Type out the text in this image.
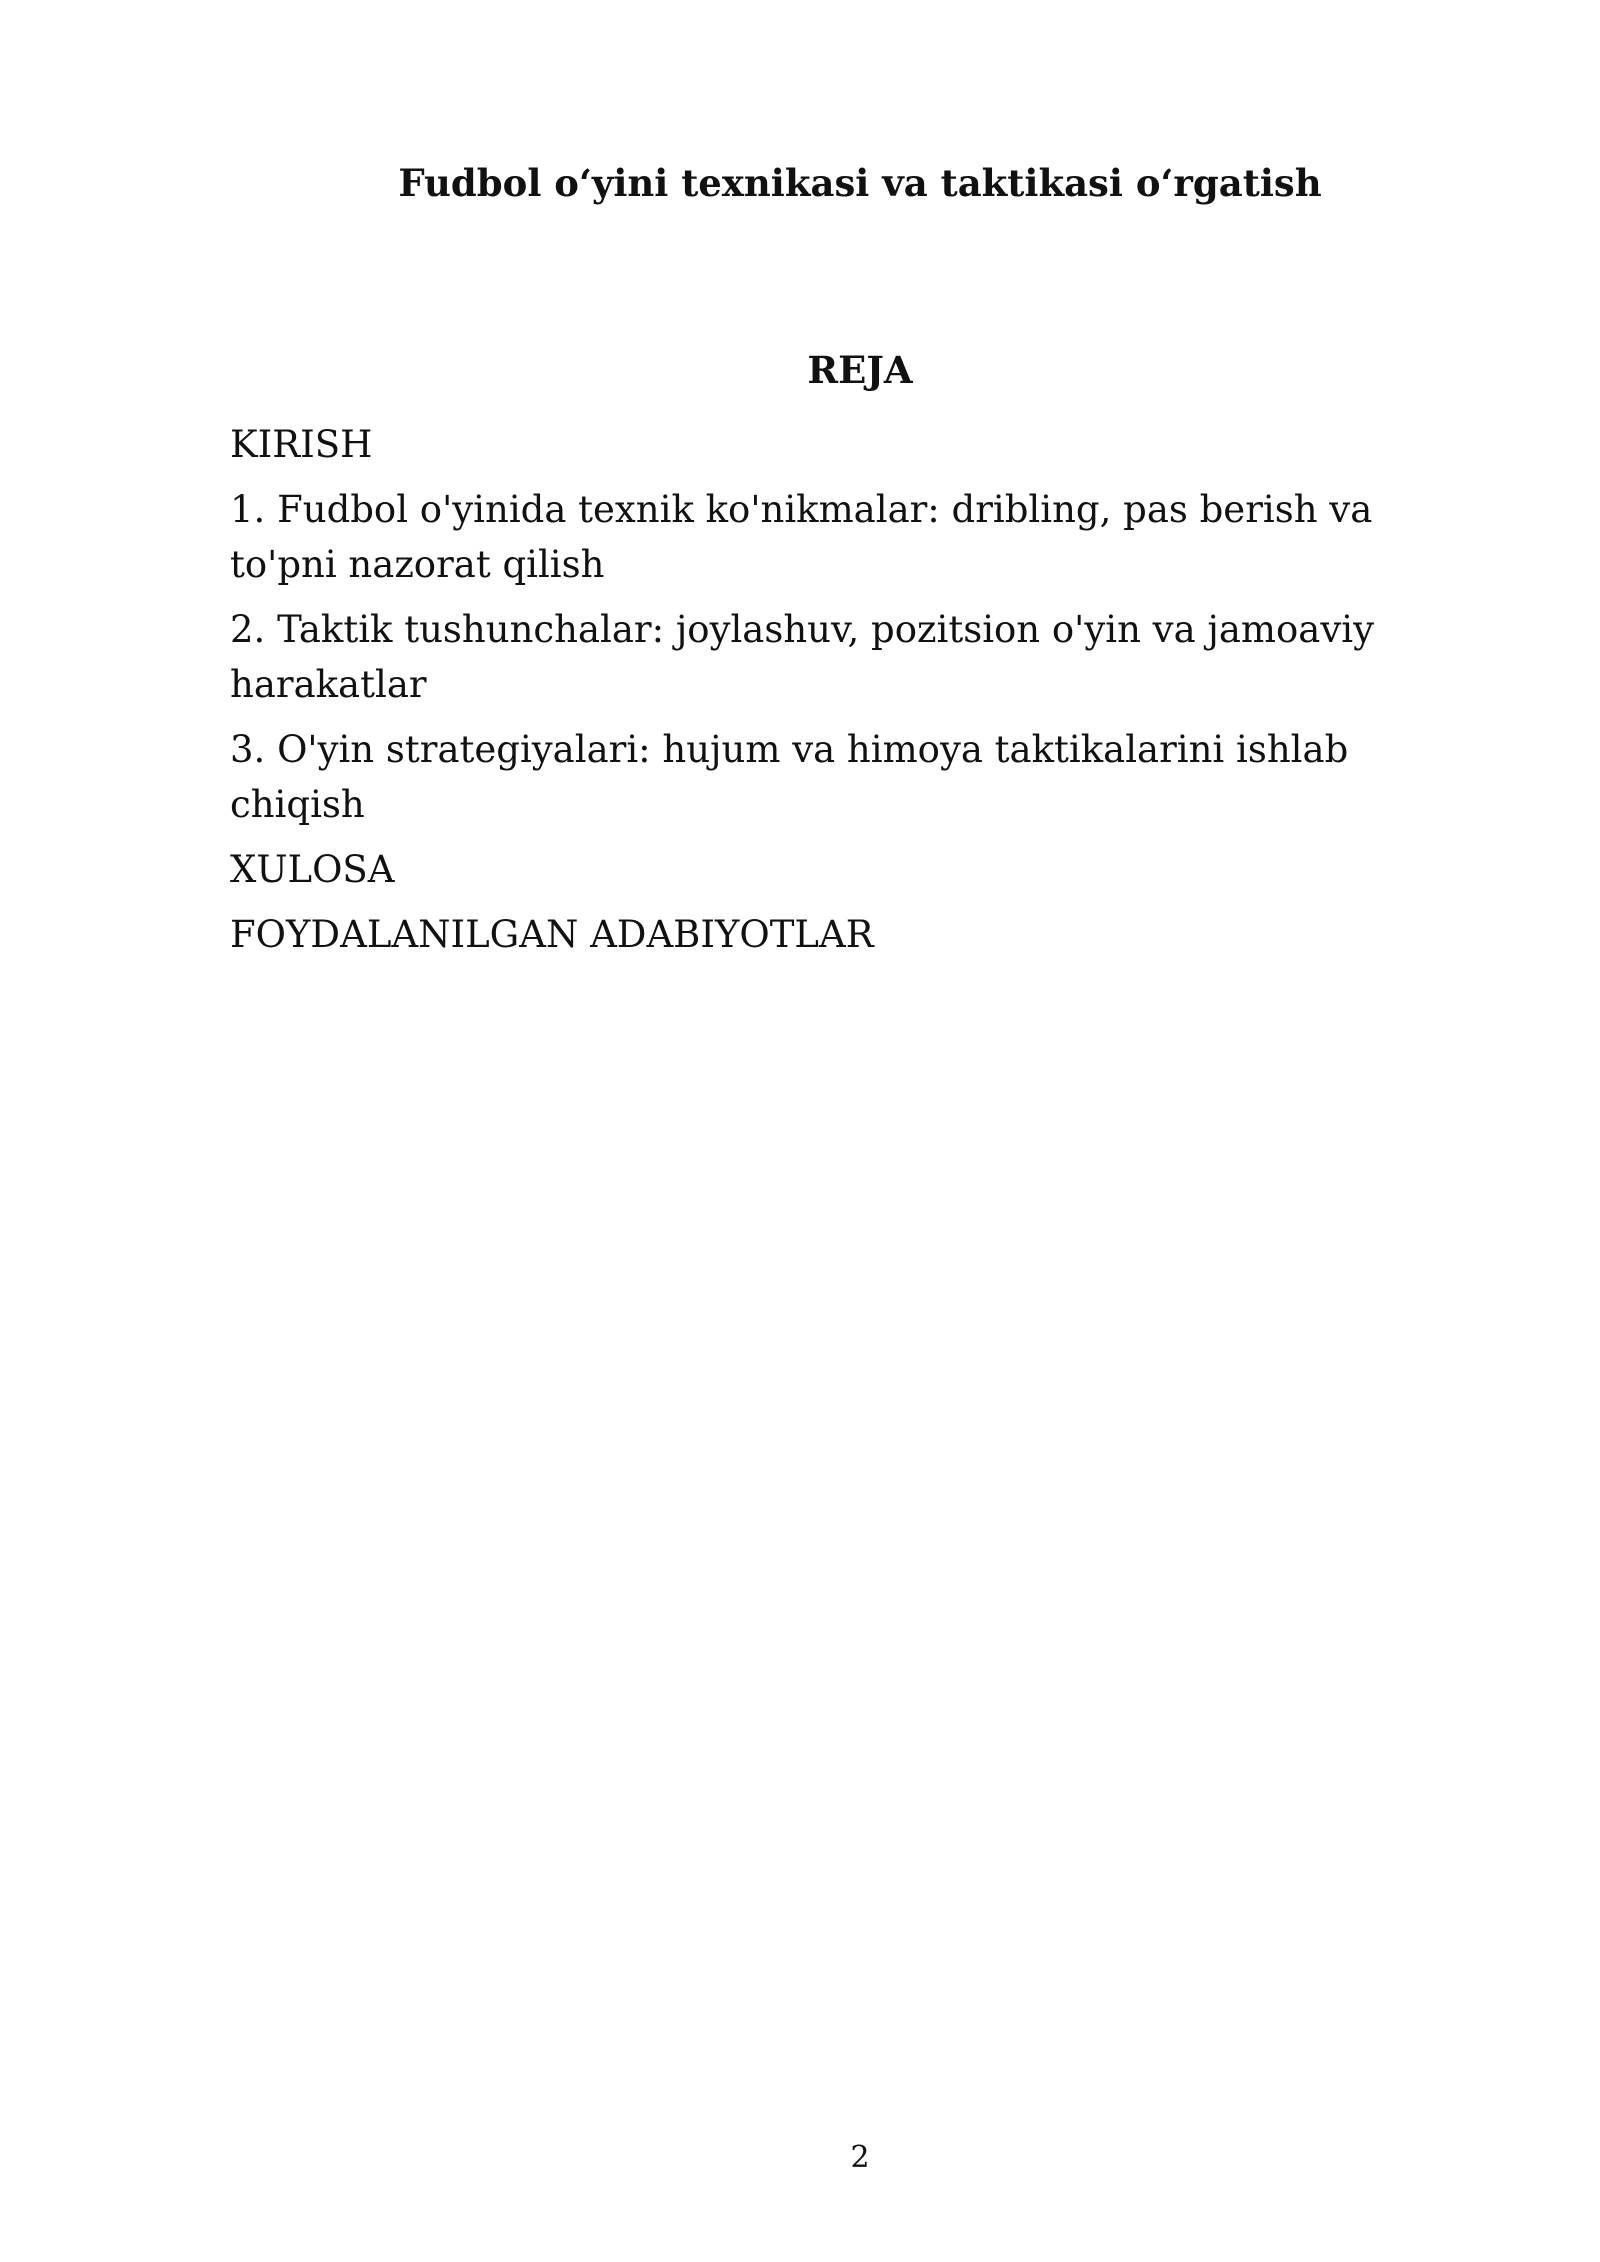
Fudbol o‘yini texnikasi va taktikasi o‘rgatish
REJA
KIRISH
1. Fudbol o'yinida texnik ko'nikmalar: dribling, pas berish va to'pni nazorat qilish
2. Taktik tushunchalar: joylashuv, pozitsion o'yin va jamoaviy harakatlar
3. O'yin strategiyalari: hujum va himoya taktikalarini ishlab chiqish
XULOSA
FOYDALANILGAN ADABIYOTLAR
2
